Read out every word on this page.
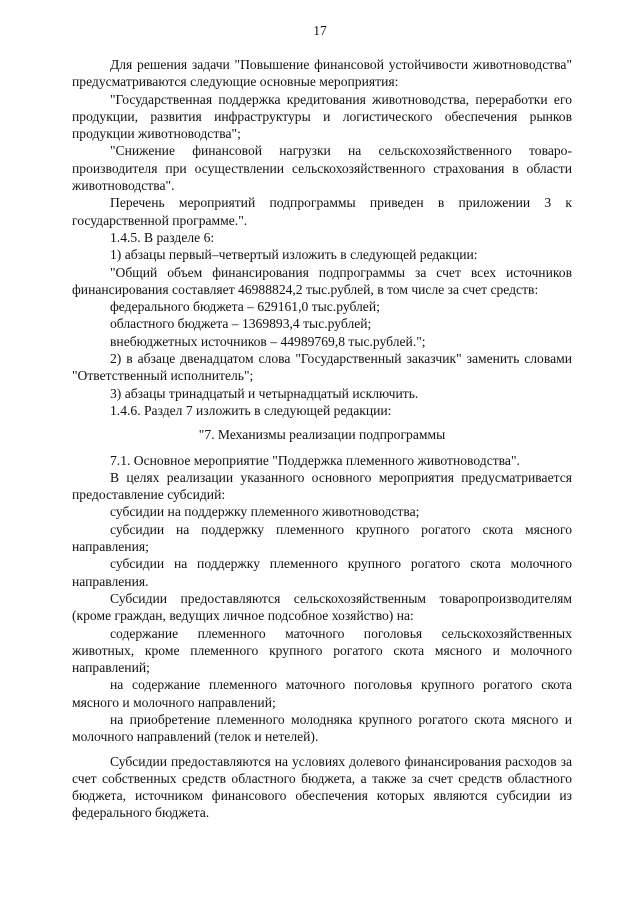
17

Для решения задачи "Повышение финансовой устойчивости животноводства" предусматриваются следующие основные мероприятия:

"Государственная поддержка кредитования животноводства, переработки его продукции, развития инфраструктуры и логистического обеспечения рынков продукции животноводства";

"Снижение финансовой нагрузки на сельскохозяйственного товаропроизводителя при осуществлении сельскохозяйственного страхования в области животноводства".

Перечень мероприятий подпрограммы приведен в приложении 3 к государственной программе.".

1.4.5. В разделе 6:

1) абзацы первый–четвертый изложить в следующей редакции:

"Общий объем финансирования подпрограммы за счет всех источников финансирования составляет 46988824,2 тыс.рублей, в том числе за счет средств:

федерального бюджета – 629161,0 тыс.рублей;

областного бюджета – 1369893,4 тыс.рублей;

внебюджетных источников – 44989769,8 тыс.рублей.";

2) в абзаце двенадцатом слова "Государственный заказчик" заменить словами "Ответственный исполнитель";

3) абзацы тринадцатый и четырнадцатый исключить.

1.4.6. Раздел 7 изложить в следующей редакции:

"7. Механизмы реализации подпрограммы

7.1. Основное мероприятие "Поддержка племенного животноводства".

В целях реализации указанного основного мероприятия предусматривается предоставление субсидий:

субсидии на поддержку племенного животноводства;

субсидии на поддержку племенного крупного рогатого скота мясного направления;

субсидии на поддержку племенного крупного рогатого скота молочного направления.

Субсидии предоставляются сельскохозяйственным товаропроизводителям (кроме граждан, ведущих личное подсобное хозяйство) на:

содержание племенного маточного поголовья сельскохозяйственных животных, кроме племенного крупного рогатого скота мясного и молочного направлений;

на содержание племенного маточного поголовья крупного рогатого скота мясного и молочного направлений;

на приобретение племенного молодняка крупного рогатого скота мясного и молочного направлений (телок и нетелей).

Субсидии предоставляются на условиях долевого финансирования расходов за счет собственных средств областного бюджета, а также за счет средств областного бюджета, источником финансового обеспечения которых являются субсидии из федерального бюджета.
